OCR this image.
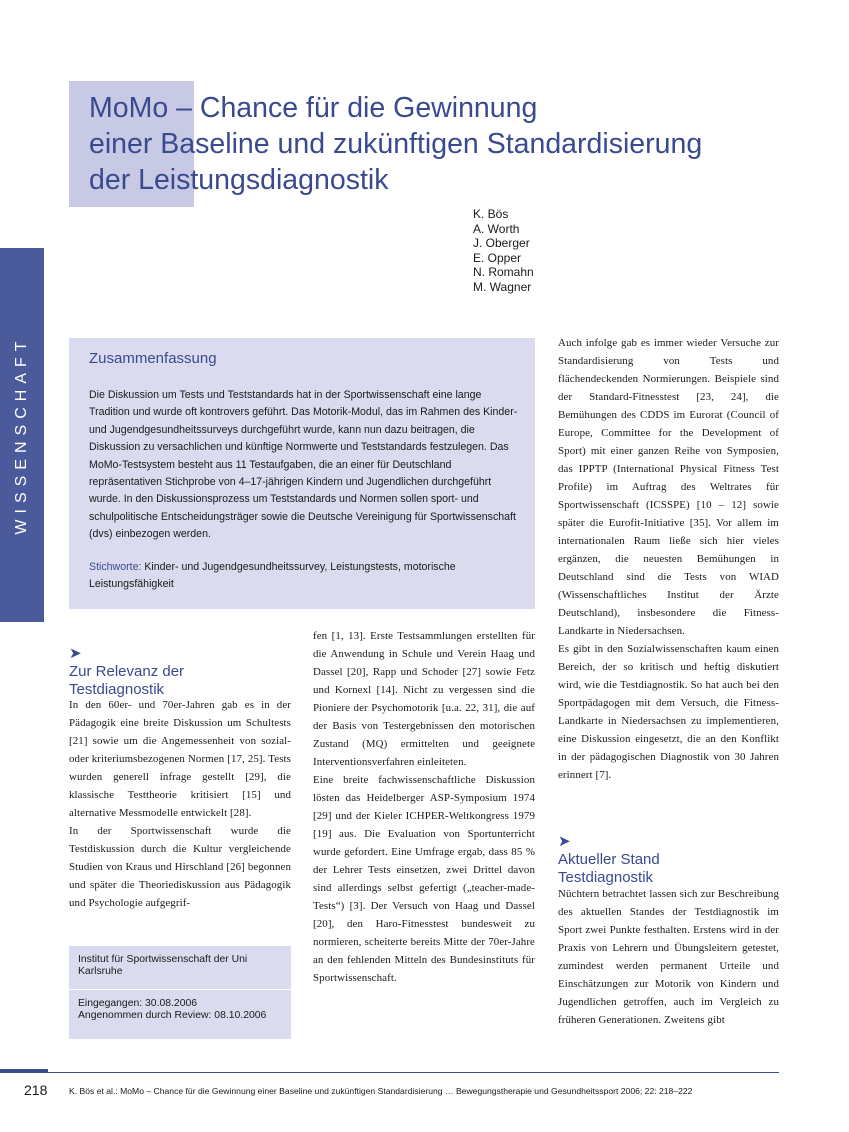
WISSENSCHAFT
MoMo – Chance für die Gewinnung
einer Baseline und zukünftigen Standardisierung
der Leistungsdiagnostik
K. Bös
A. Worth
J. Oberger
E. Opper
N. Romahn
M. Wagner
Zusammenfassung

Die Diskussion um Tests und Teststandards hat in der Sportwissenschaft eine lange Tradition und wurde oft kontrovers geführt. Das Motorik-Modul, das im Rahmen des Kinder- und Jugendgesundheitssurveys durchgeführt wurde, kann nun dazu beitragen, die Diskussion zu versachlichen und künftige Normwerte und Teststandards festzulegen. Das MoMo-Testsystem besteht aus 11 Testaufgaben, die an einer für Deutschland repräsentativen Stichprobe von 4–17-jährigen Kindern und Jugendlichen durchgeführt wurde. In den Diskussionsprozess um Teststandards und Normen sollen sport- und schulpolitische Entscheidungsträger sowie die Deutsche Vereinigung für Sportwissenschaft (dvs) einbezogen werden.

Stichworte: Kinder- und Jugendgesundheitssurvey, Leistungstests, motorische Leistungsfähigkeit

➤
Zur Relevanz der
Testdiagnostik

In den 60er- und 70er-Jahren gab es in der Pädagogik eine breite Diskussion um Schultests [21] sowie um die Angemessenheit von sozial- oder kriteriumsbezogenen Normen [17, 25]. Tests wurden generell infrage gestellt [29], die klassische Testtheorie kritisiert [15] und alternative Messmodelle entwickelt [28].

In der Sportwissenschaft wurde die Testdiskussion durch die Kultur vergleichende Studien von Kraus und Hirschland [26] begonnen und später die Theoriediskussion aus Pädagogik und Psychologie aufgegrif-

Institut für Sportwissenschaft der Uni Karlsruhe
Eingegangen: 30.08.2006
Angenommen durch Review: 08.10.2006

fen [1, 13]. Erste Testsammlungen erstellten für die Anwendung in Schule und Verein Haag und Dassel [20], Rapp und Schoder [27] sowie Fetz und Kornexl [14]. Nicht zu vergessen sind die Pioniere der Psychomotorik [u.a. 22, 31], die auf der Basis von Testergebnissen den motorischen Zustand (MQ) ermittelten und geeignete Interventionsverfahren einleiteten.

Eine breite fachwissenschaftliche Diskussion lösten das Heidelberger ASP-Symposium 1974 [29] und der Kieler ICHPER-Weltkongress 1979 [19] aus. Die Evaluation von Sportunterricht wurde gefordert. Eine Umfrage ergab, dass 85 % der Lehrer Tests einsetzen, zwei Drittel davon sind allerdings selbst gefertigt („teacher-made-Tests“) [3]. Der Versuch von Haag und Dassel [20], den Haro-Fitnesstest bundesweit zu normieren, scheiterte bereits Mitte der 70er-Jahre an den fehlenden Mitteln des Bundesinstituts für Sportwissenschaft.

Auch infolge gab es immer wieder Versuche zur Standardisierung von Tests und flächendeckenden Normierungen. Beispiele sind der Standard-Fitnesstest [23, 24], die Bemühungen des CDDS im Eurorat (Council of Europe, Committee for the Development of Sport) mit einer ganzen Reihe von Symposien, das IPPTP (International Physical Fitness Test Profile) im Auftrag des Weltrates für Sportwissenschaft (ICSSPE) [10 – 12] sowie später die Eurofit-Initiative [35]. Vor allem im internationalen Raum ließe sich hier vieles ergänzen, die neuesten Bemühungen in Deutschland sind die Tests von WIAD (Wissenschaftliches Institut der Ärzte Deutschland), insbesondere die Fitness-Landkarte in Niedersachsen.

Es gibt in den Sozialwissenschaften kaum einen Bereich, der so kritisch und heftig diskutiert wird, wie die Testdiagnostik. So hat auch bei den Sportpädagogen mit dem Versuch, die Fitness-Landkarte in Niedersachsen zu implementieren, eine Diskussion eingesetzt, die an den Konflikt in der pädagogischen Diagnostik von 30 Jahren erinnert [7].

➤
Aktueller Stand
Testdiagnostik

Nüchtern betrachtet lassen sich zur Beschreibung des aktuellen Standes der Testdiagnostik im Sport zwei Punkte festhalten. Erstens wird in der Praxis von Lehrern und Übungsleitern getestet, zumindest werden permanent Urteile und Einschätzungen zur Motorik von Kindern und Jugendlichen getroffen, auch im Vergleich zu früheren Generationen. Zweitens gibt

218	K. Bös et al.: MoMo – Chance für die Gewinnung einer Baseline und zukünftigen Standardisierung … Bewegungstherapie und Gesundheitssport 2006; 22: 218–222
